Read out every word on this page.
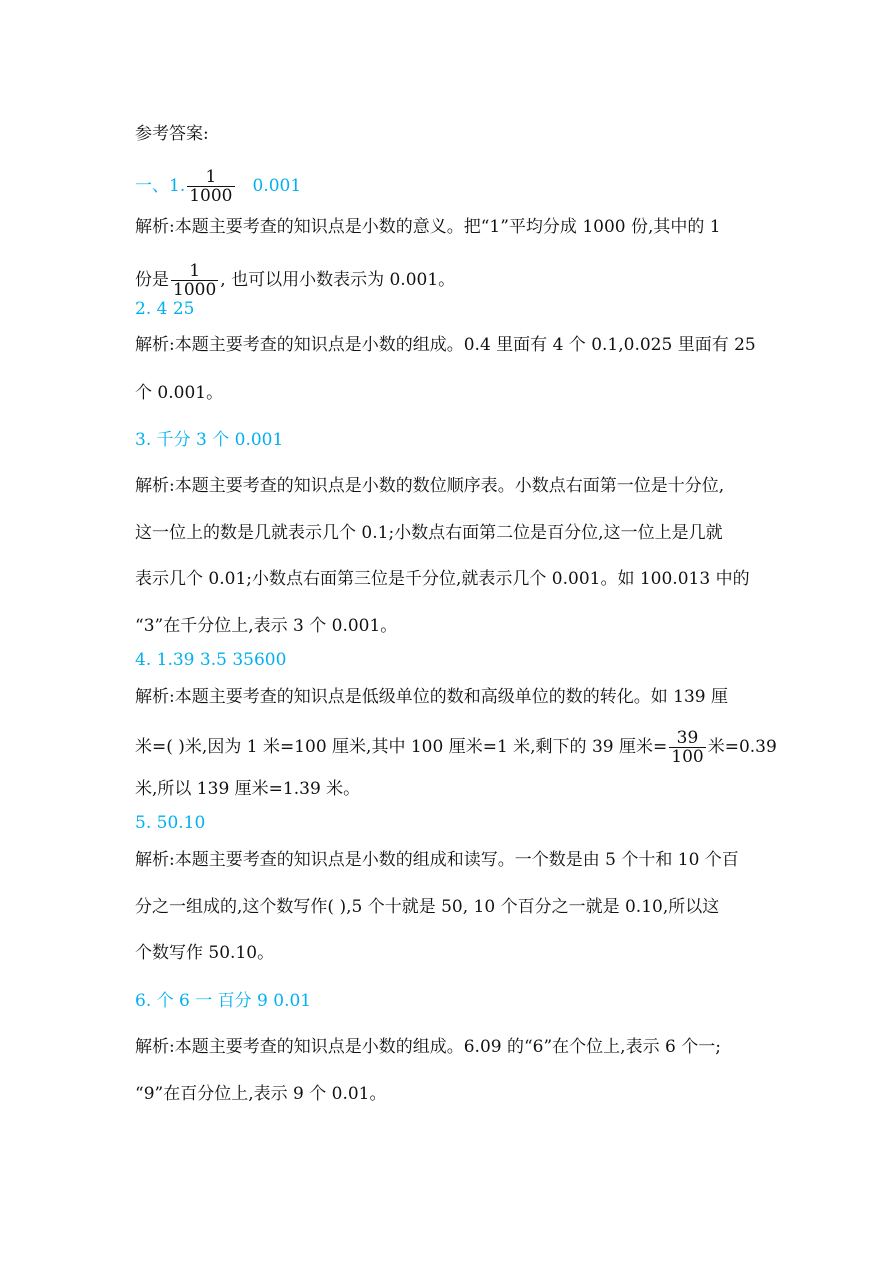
参考答案:
一、1. $\frac{1}{1000} 0.001$
解析:本题主要考查的知识点是小数的意义。把“1”平均分成 1000 份,其中的 1
份是 $\frac{1}{1000}$ , 也可以用小数表示为 0.001。
2. 4 25
解析:本题主要考查的知识点是小数的组成。0.4 里面有 4 个 0.1,0.025 里面有 25
个 0.001。
3. 千分 3 个 0.001
解析:本题主要考查的知识点是小数的数位顺序表。小数点右面第一位是十分位,
这一位上的数是几就表示几个 0.1;小数点右面第二位是百分位,这一位上是几就
表示几个 0.01;小数点右面第三位是千分位,就表示几个 0.001。如 100.013 中的
“3”在千分位上,表示 3 个 0.001。
4. 1.39 3.5 35600
解析:本题主要考查的知识点是低级单位的数和高级单位的数的转化。如 139 厘
米=( )米,因为 1 米=100 厘米,其中 100 厘米=1 米,剩下的 39 厘米= $\frac{39}{100}$ 米=0.39
米,所以 139 厘米=1.39 米。
5. 50.10
解析:本题主要考查的知识点是小数的组成和读写。一个数是由 5 个十和 10 个百
分之一组成的,这个数写作( ),5 个十就是 50, 10 个百分之一就是 0.10,所以这
个数写作 50.10。
6. 个 6 一 百分 9 0.01
解析:本题主要考查的知识点是小数的组成。6.09 的“6”在个位上,表示 6 个一;
“9”在百分位上,表示 9 个 0.01。
